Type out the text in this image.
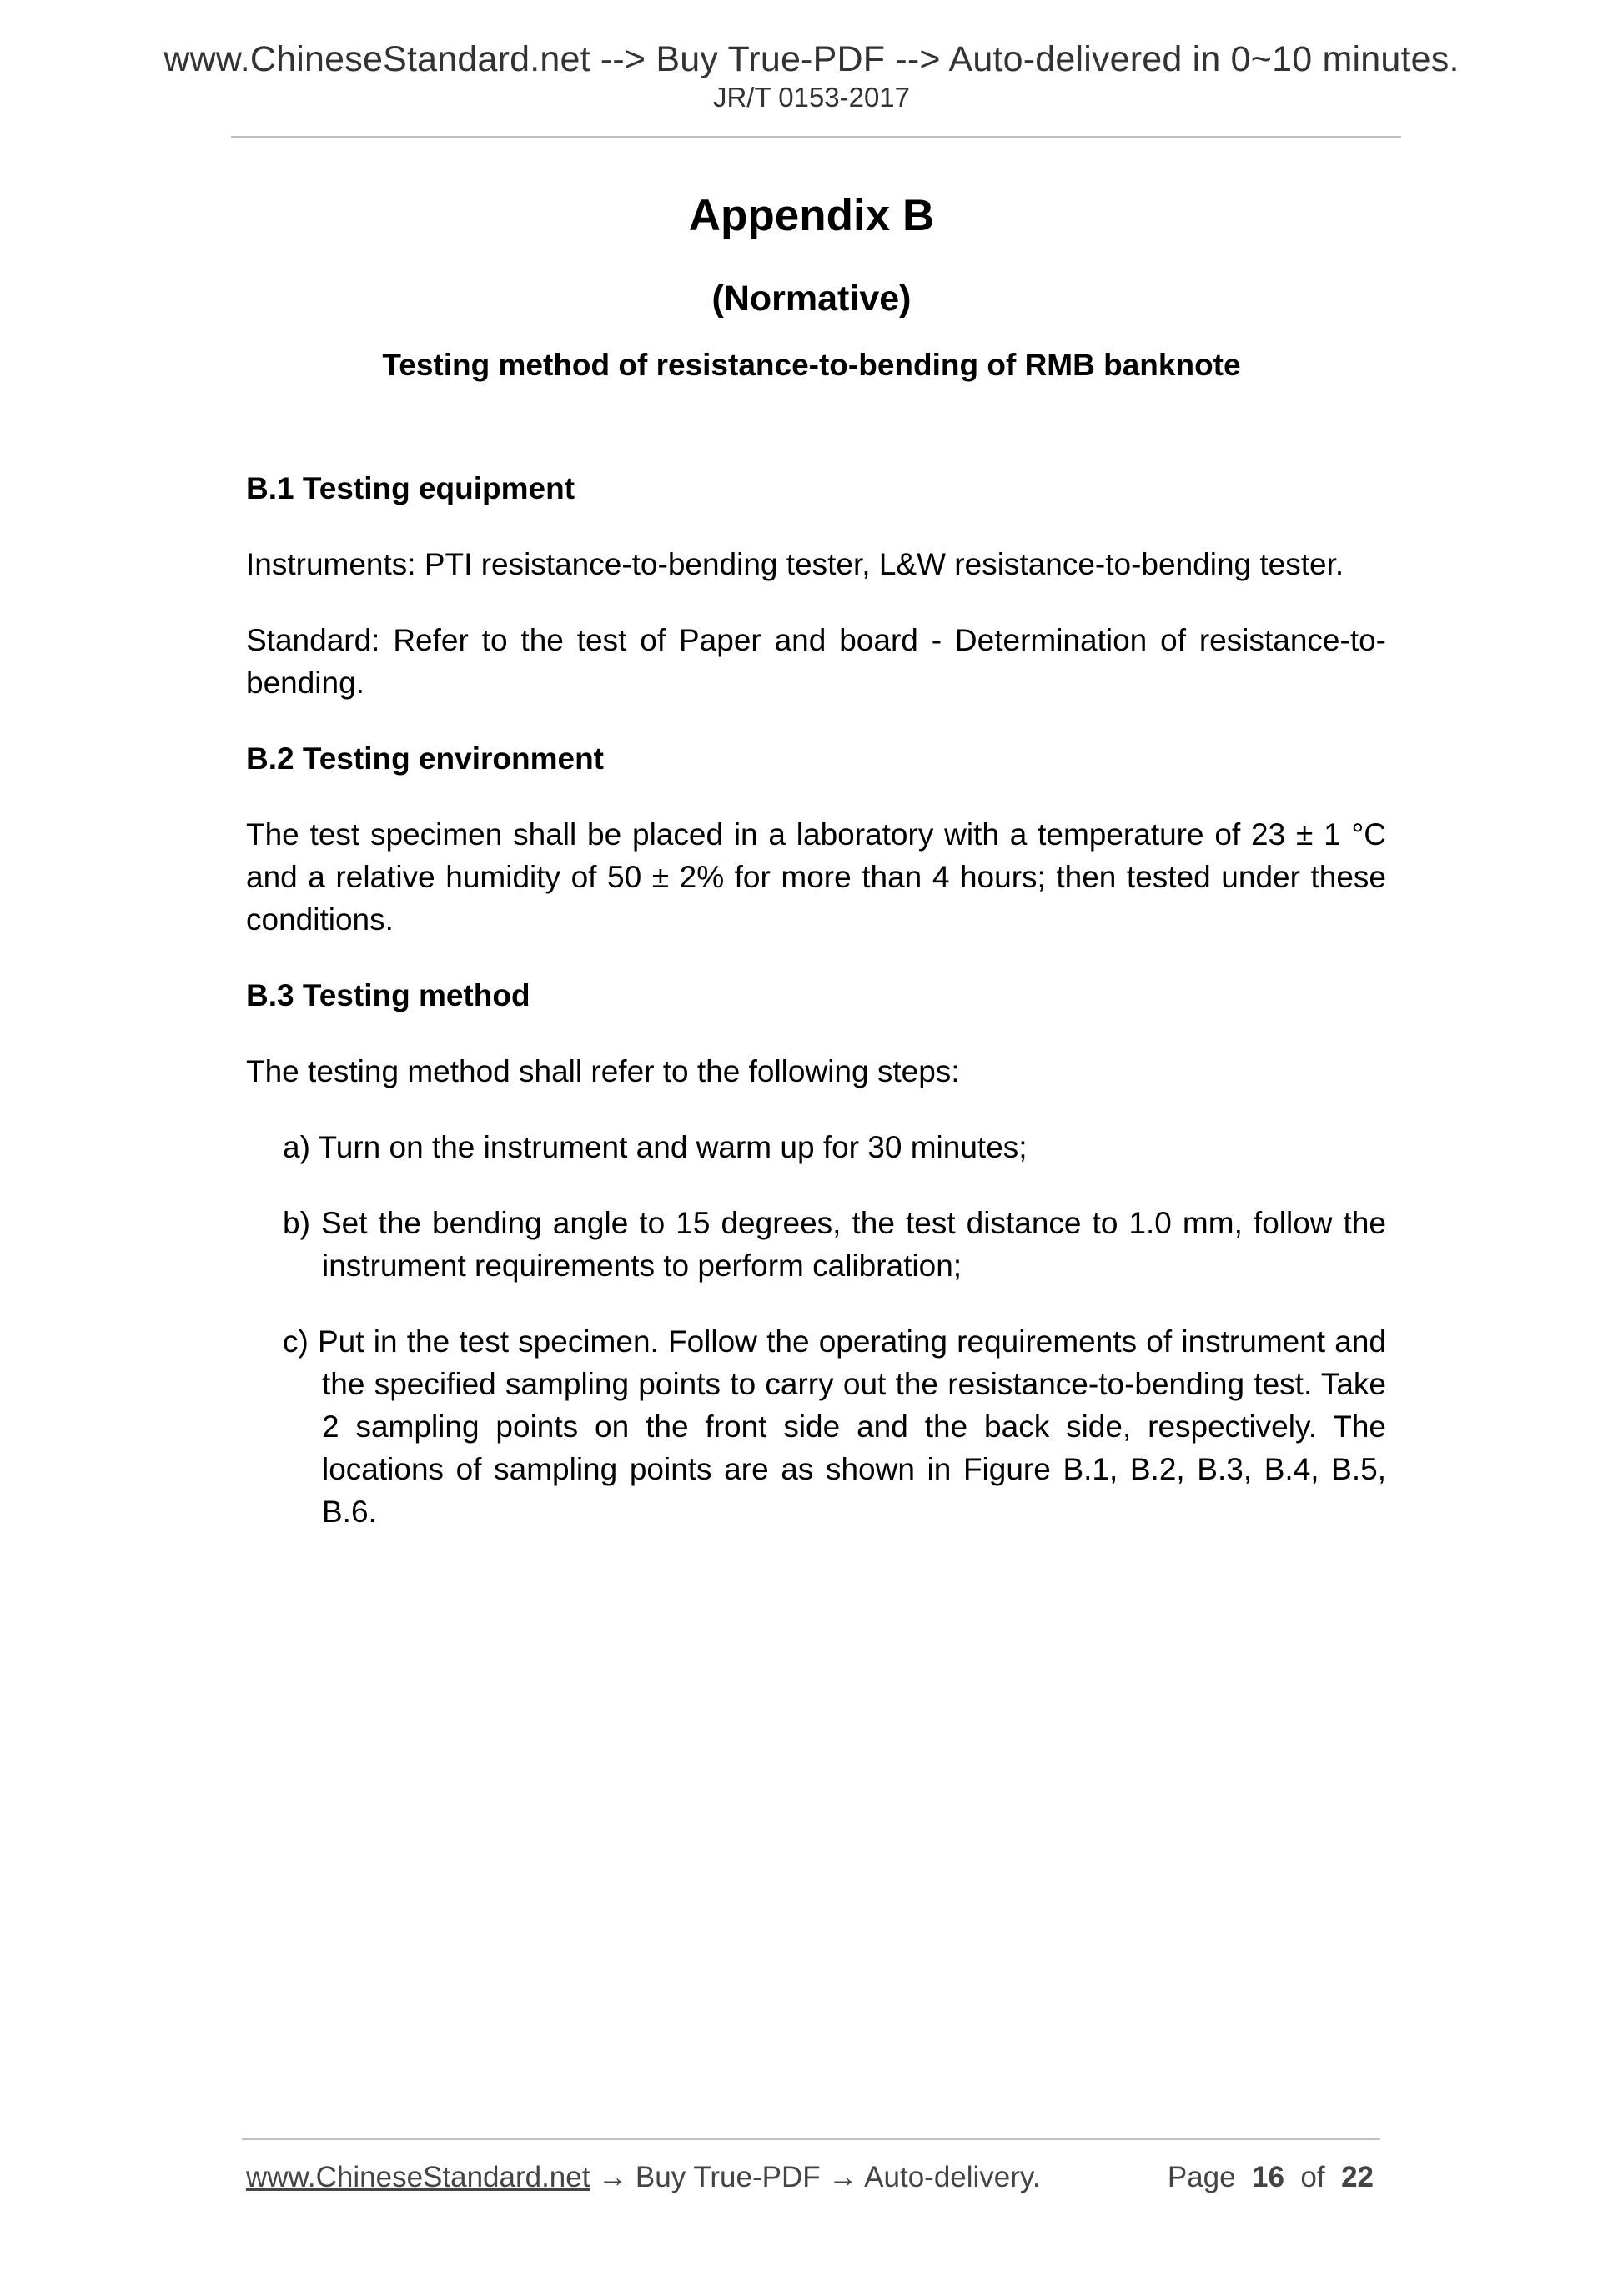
www.ChineseStandard.net --> Buy True-PDF --> Auto-delivered in 0~10 minutes.
JR/T 0153-2017
Appendix B
(Normative)
Testing method of resistance-to-bending of RMB banknote

B.1 Testing equipment

Instruments: PTI resistance-to-bending tester, L&W resistance-to-bending tester.

Standard: Refer to the test of Paper and board - Determination of resistance-to-bending.

B.2 Testing environment

The test specimen shall be placed in a laboratory with a temperature of 23 ± 1 °C and a relative humidity of 50 ± 2% for more than 4 hours; then tested under these conditions.

B.3 Testing method

The testing method shall refer to the following steps:

a) Turn on the instrument and warm up for 30 minutes;

b) Set the bending angle to 15 degrees, the test distance to 1.0 mm, follow the instrument requirements to perform calibration;

c) Put in the test specimen. Follow the operating requirements of instrument and the specified sampling points to carry out the resistance-to-bending test. Take 2 sampling points on the front side and the back side, respectively. The locations of sampling points are as shown in Figure B.1, B.2, B.3, B.4, B.5, B.6.

www.ChineseStandard.net → Buy True-PDF → Auto-delivery.	Page 16 of 22
